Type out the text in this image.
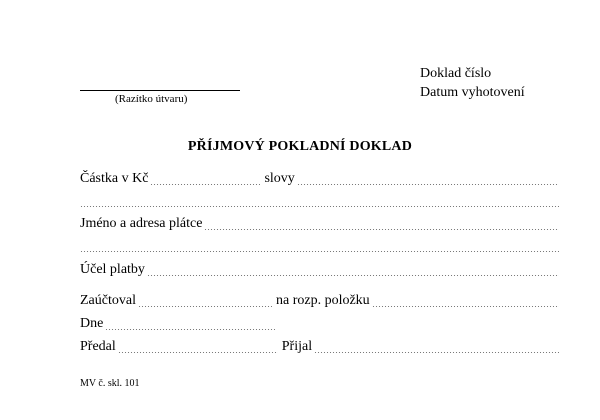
(Razítko útvaru)
Doklad číslo
Datum vyhotovení
PŘÍJMOVÝ POKLADNÍ DOKLAD
Částka v Kč	slovy
Jméno a adresa plátce
Účel platby
Zaúčtoval	na rozp. položku
Dne
Předal	Přijal
MV č. skl. 101
